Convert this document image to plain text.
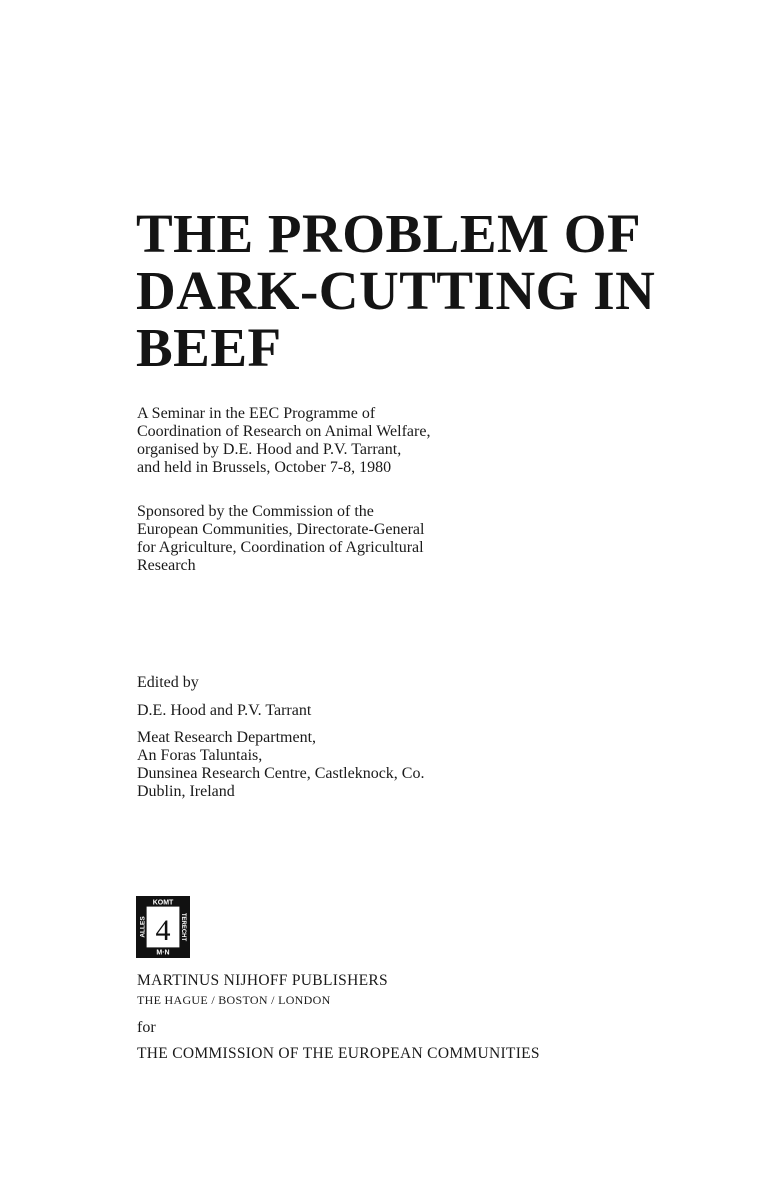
THE PROBLEM OF
DARK-CUTTING IN
BEEF
A Seminar in the EEC Programme of
Coordination of Research on Animal Welfare,
organised by D.E. Hood and P.V. Tarrant,
and held in Brussels, October 7-8, 1980
Sponsored by the Commission of the
European Communities, Directorate-General
for Agriculture, Coordination of Agricultural
Research
Edited by
D.E. Hood and P.V. Tarrant
Meat Research Department,
An Foras Taluntais,
Dunsinea Research Centre, Castleknock, Co.
Dublin, Ireland
KOMT
M·N
ALLES	TERECHT
4
MARTINUS NIJHOFF PUBLISHERS
THE HAGUE / BOSTON / LONDON
for
THE COMMISSION OF THE EUROPEAN COMMUNITIES
